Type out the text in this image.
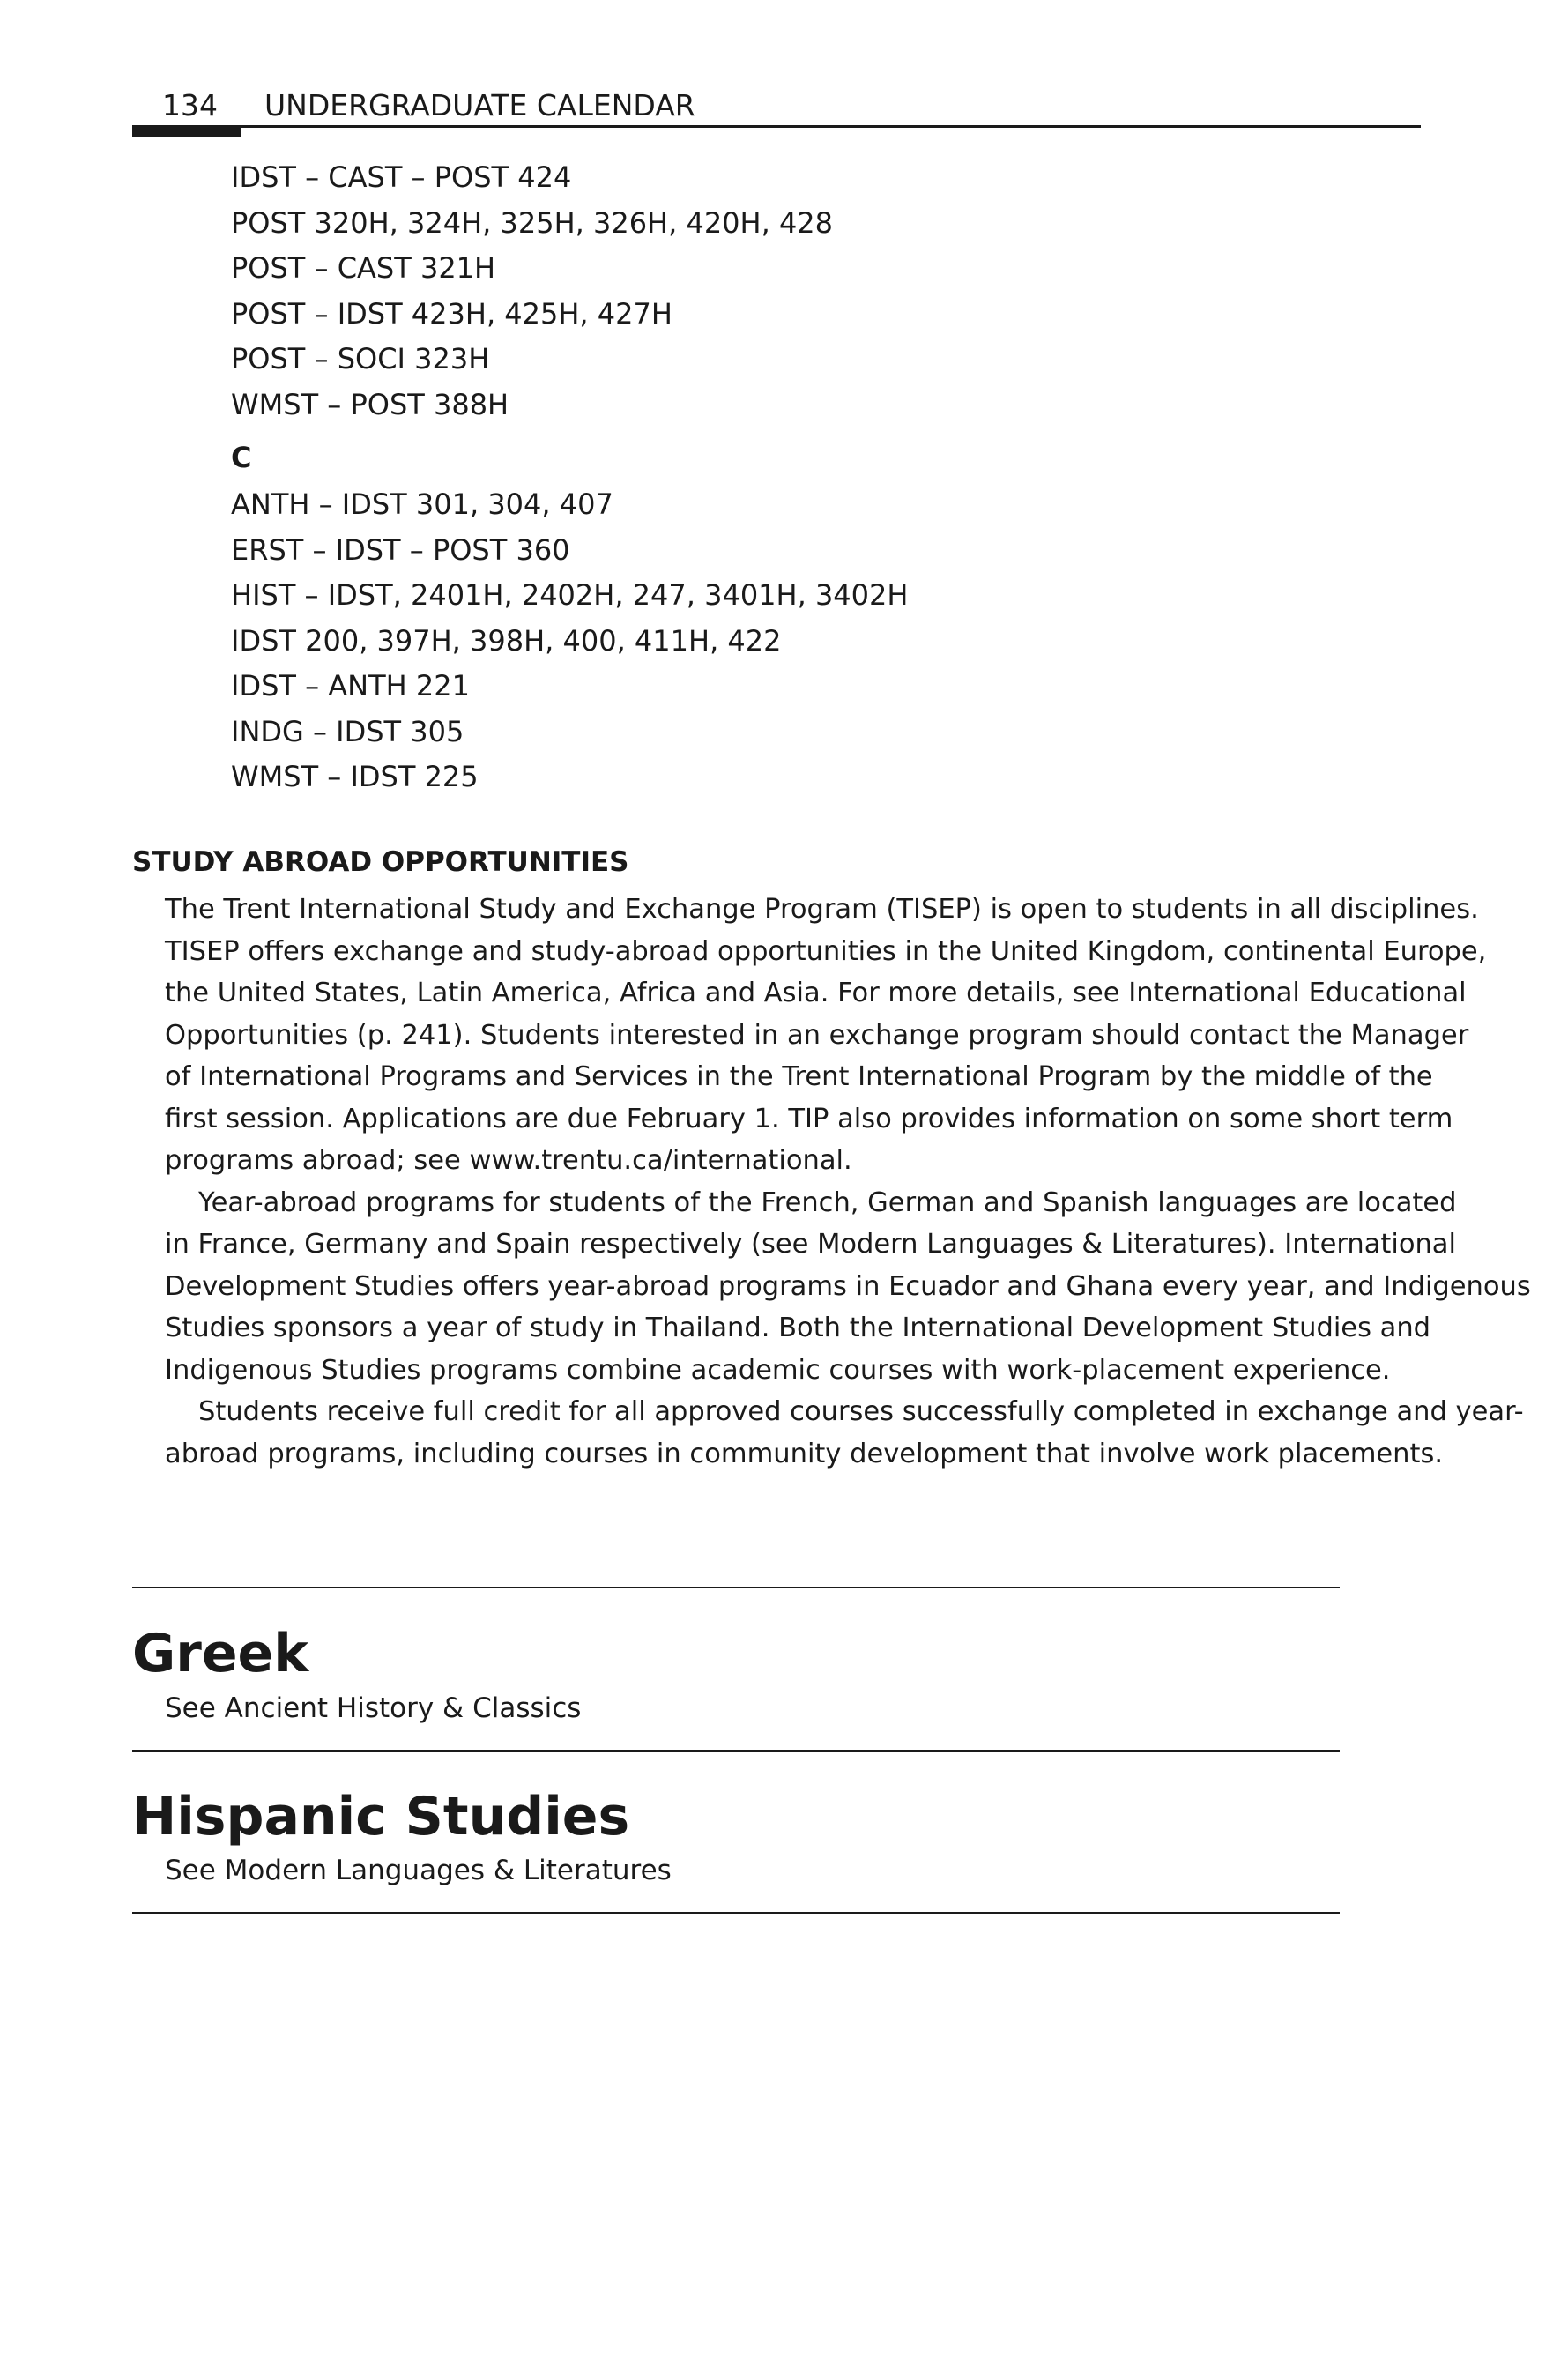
134 UNDERGRADUATE CALENDAR
IDST – CAST – POST 424
POST 320H, 324H, 325H, 326H, 420H, 428
POST – CAST 321H
POST – IDST 423H, 425H, 427H
POST – SOCI 323H
WMST – POST 388H
C
ANTH – IDST 301, 304, 407
ERST – IDST – POST 360
HIST – IDST, 2401H, 2402H, 247, 3401H, 3402H
IDST 200, 397H, 398H, 400, 411H, 422
IDST – ANTH 221
INDG – IDST 305
WMST – IDST 225
STUDY ABROAD OPPORTUNITIES
The Trent International Study and Exchange Program (TISEP) is open to students in all disciplines.
TISEP offers exchange and study-abroad opportunities in the United Kingdom, continental Europe,
the United States, Latin America, Africa and Asia. For more details, see International Educational
Opportunities (p. 241). Students interested in an exchange program should contact the Manager
of International Programs and Services in the Trent International Program by the middle of the
first session. Applications are due February 1. TIP also provides information on some short term
programs abroad; see www.trentu.ca/international.
Year-abroad programs for students of the French, German and Spanish languages are located
in France, Germany and Spain respectively (see Modern Languages & Literatures). International
Development Studies offers year-abroad programs in Ecuador and Ghana every year, and Indigenous
Studies sponsors a year of study in Thailand. Both the International Development Studies and
Indigenous Studies programs combine academic courses with work-placement experience.
Students receive full credit for all approved courses successfully completed in exchange and year-
abroad programs, including courses in community development that involve work placements.
Greek
See Ancient History & Classics
Hispanic Studies
See Modern Languages & Literatures
